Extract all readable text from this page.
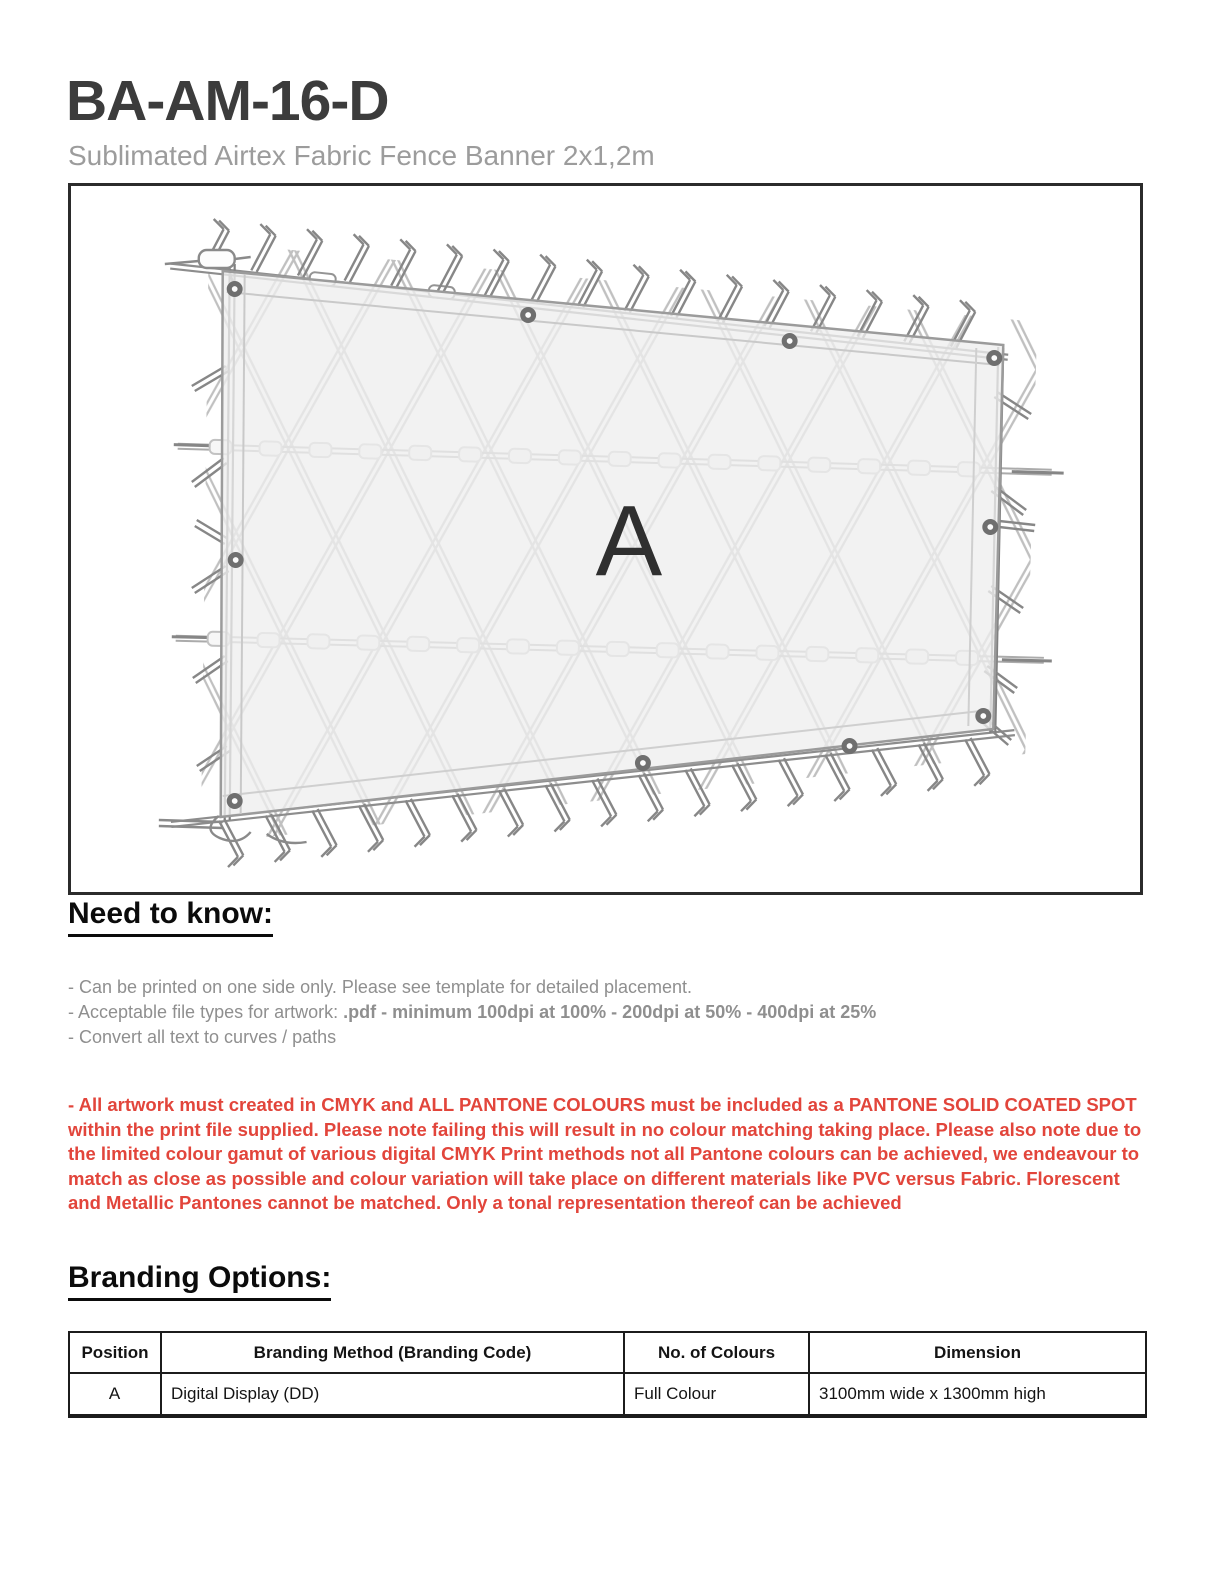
BA-AM-16-D
Sublimated Airtex Fabric Fence Banner 2x1,2m
A
Need to know:
- Can be printed on one side only. Please see template for detailed placement.
- Acceptable file types for artwork: .pdf - minimum 100dpi at 100% - 200dpi at 50% - 400dpi at 25%
- Convert all text to curves / paths
- All artwork must created in CMYK and ALL PANTONE COLOURS must be included as a PANTONE SOLID COATED SPOT within the print file supplied. Please note failing this will result in no colour matching taking place. Please also note due to the limited colour gamut of various digital CMYK Print methods not all Pantone colours can be achieved, we endeavour to match as close as possible and colour variation will take place on different materials like PVC versus Fabric. Florescent and Metallic Pantones cannot be matched. Only a tonal representation thereof can be achieved
Branding Options:
Position	Branding Method (Branding Code)	No. of Colours	Dimension
A	Digital Display (DD)	Full Colour	3100mm wide x 1300mm high
